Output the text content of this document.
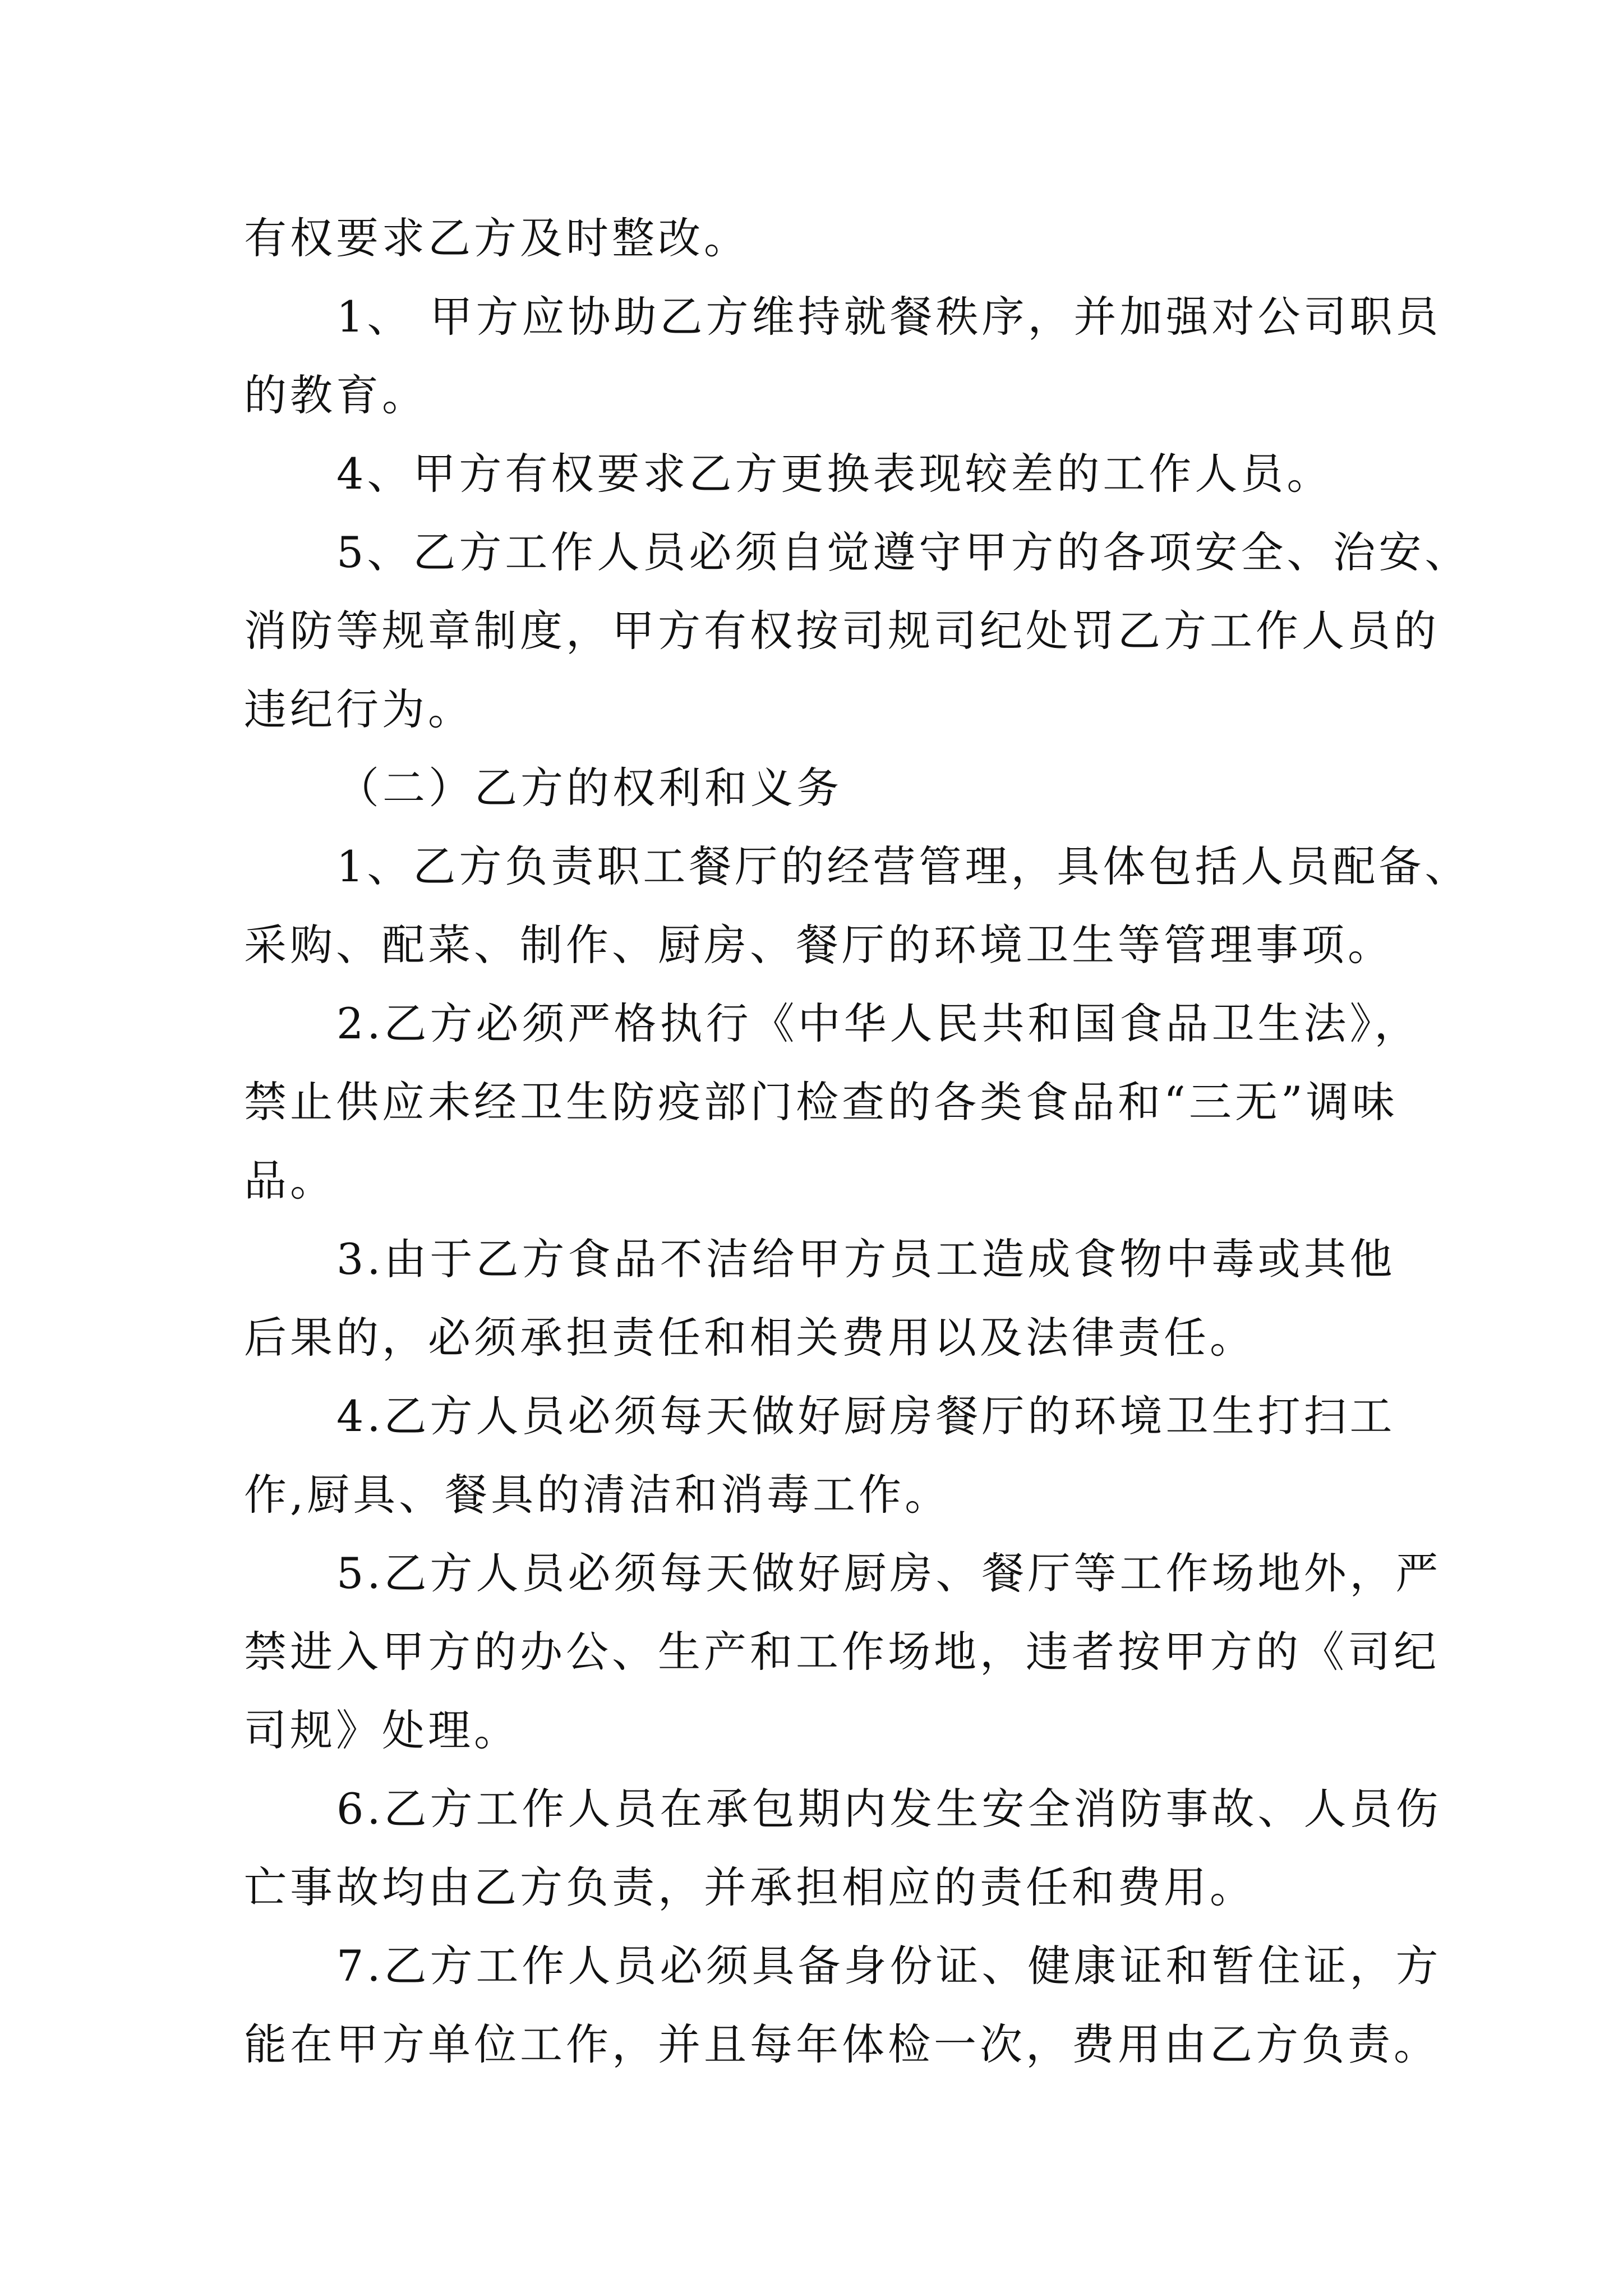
有权要求乙方及时整改。
1、 甲方应协助乙方维持就餐秩序，并加强对公司职员
的教育。
4、甲方有权要求乙方更换表现较差的工作人员。
5、乙方工作人员必须自觉遵守甲方的各项安全、治安、
消防等规章制度，甲方有权按司规司纪处罚乙方工作人员的
违纪行为。
（二）乙方的权利和义务
1、乙方负责职工餐厅的经营管理，具体包括人员配备、
采购、配菜、制作、厨房、餐厅的环境卫生等管理事项。
2.乙方必须严格执行《中华人民共和国食品卫生法》，
禁止供应未经卫生防疫部门检查的各类食品和“三无”调味
品。
3.由于乙方食品不洁给甲方员工造成食物中毒或其他
后果的，必须承担责任和相关费用以及法律责任。
4.乙方人员必须每天做好厨房餐厅的环境卫生打扫工
作,厨具、餐具的清洁和消毒工作。
5.乙方人员必须每天做好厨房、餐厅等工作场地外，严
禁进入甲方的办公、生产和工作场地，违者按甲方的《司纪
司规》处理。
6.乙方工作人员在承包期内发生安全消防事故、人员伤
亡事故均由乙方负责，并承担相应的责任和费用。
7.乙方工作人员必须具备身份证、健康证和暂住证，方
能在甲方单位工作，并且每年体检一次，费用由乙方负责。
